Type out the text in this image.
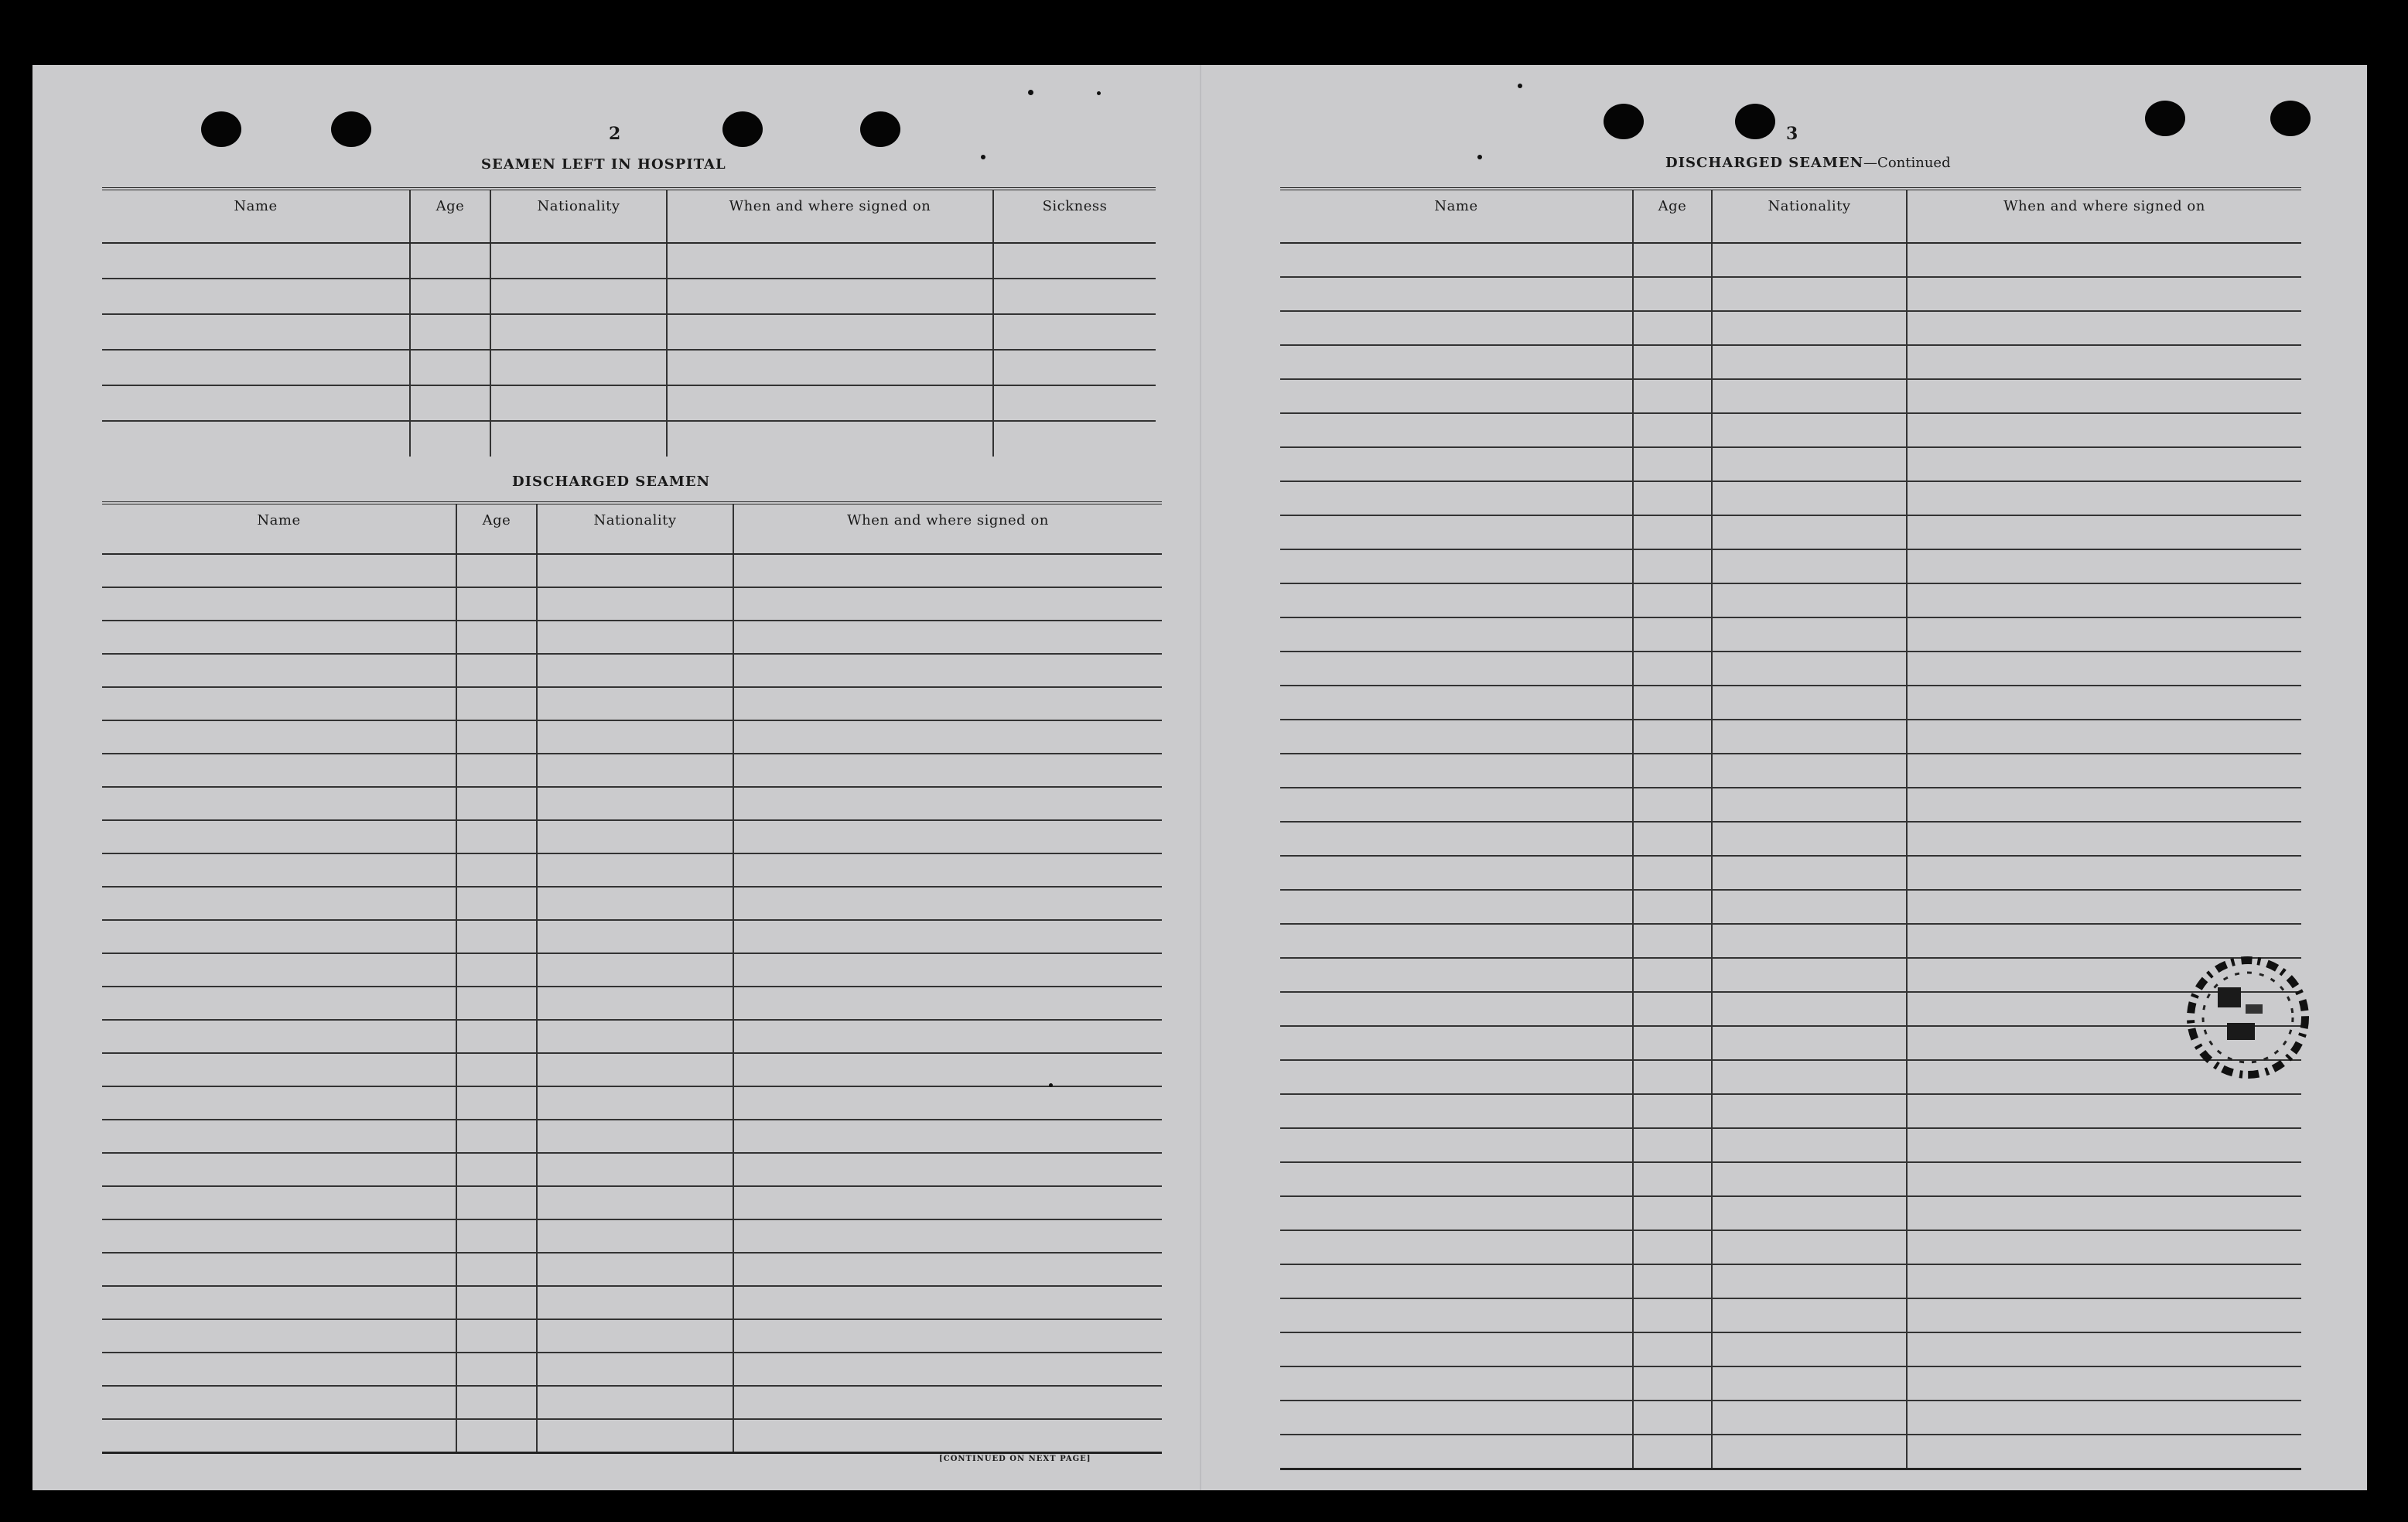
2
SEAMEN LEFT IN HOSPITAL
Name	Age	Nationality	When and where signed on	Sickness

DISCHARGED SEAMEN
Name	Age	Nationality	When and where signed on

[CONTINUED ON NEXT PAGE]
3
DISCHARGED SEAMEN—Continued
Name	Age	Nationality	When and where signed on
